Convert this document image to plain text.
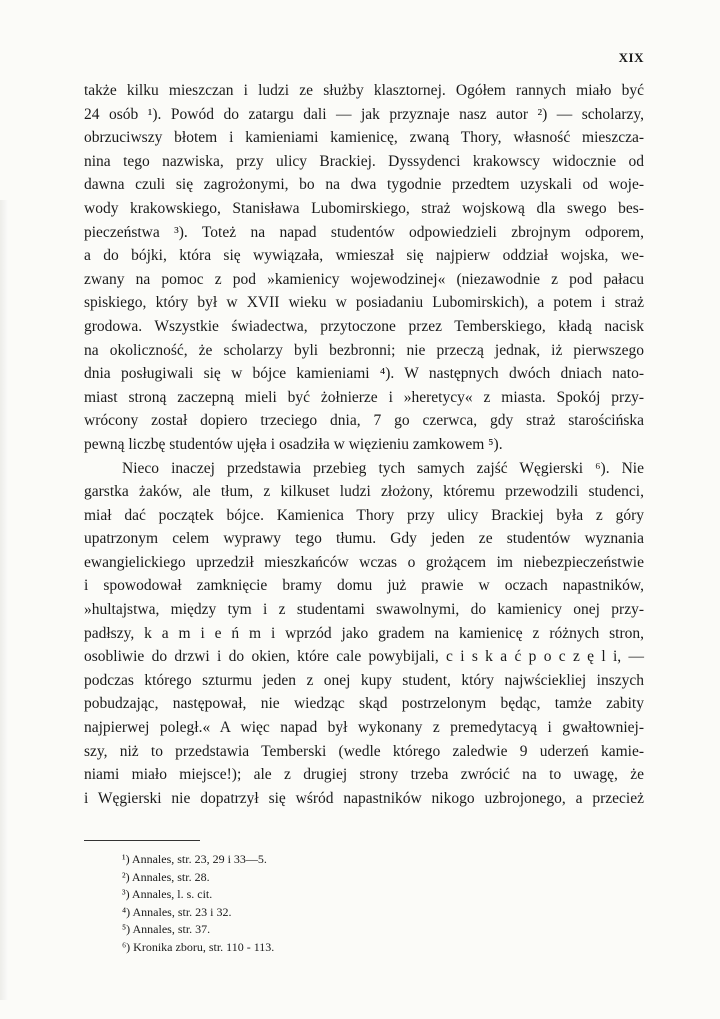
XIX
także kilku mieszczan i ludzi ze służby klasztornej. Ogółem rannych miało być
24 osób ¹). Powód do zatargu dali — jak przyznaje nasz autor ²) — scholarzy,
obrzuciwszy błotem i kamieniami kamienicę, zwaną Thory, własność mieszcza-
nina tego nazwiska, przy ulicy Brackiej. Dyssydenci krakowscy widocznie od
dawna czuli się zagrożonymi, bo na dwa tygodnie przedtem uzyskali od woje-
wody krakowskiego, Stanisława Lubomirskiego, straż wojskową dla swego bes-
pieczeństwa ³). Toteż na napad studentów odpowiedzieli zbrojnym odporem,
a do bójki, która się wywiązała, wmieszał się najpierw oddział wojska, we-
zwany na pomoc z pod »kamienicy wojewodzinej« (niezawodnie z pod pałacu
spiskiego, który był w XVII wieku w posiadaniu Lubomirskich), a potem i straż
grodowa. Wszystkie świadectwa, przytoczone przez Temberskiego, kładą nacisk
na okoliczność, że scholarzy byli bezbronni; nie przeczą jednak, iż pierwszego
dnia posługiwali się w bójce kamieniami ⁴). W następnych dwóch dniach nato-
miast stroną zaczepną mieli być żołnierze i »heretycy« z miasta. Spokój przy-
wrócony został dopiero trzeciego dnia, 7 go czerwca, gdy straż starościńska
pewną liczbę studentów ujęła i osadziła w więzieniu zamkowem ⁵).
Nieco inaczej przedstawia przebieg tych samych zajść Węgierski ⁶). Nie
garstka żaków, ale tłum, z kilkuset ludzi złożony, któremu przewodzili studenci,
miał dać początek bójce. Kamienica Thory przy ulicy Brackiej była z góry
upatrzonym celem wyprawy tego tłumu. Gdy jeden ze studentów wyznania
ewangielickiego uprzedził mieszkańców wczas o grożącem im niebezpieczeństwie
i spowodował zamknięcie bramy domu już prawie w oczach napastników,
»hultajstwa, między tym i z studentami swawolnymi, do kamienicy onej przy-
padłszy, k a m i e ń m i wprzód jako gradem na kamienicę z różnych stron,
osobliwie do drzwi i do okien, które cale powybijali, c i s k a ć p o c z ę l i, —
podczas którego szturmu jeden z onej kupy student, który najwściekliej inszych
pobudzając, następował, nie wiedząc skąd postrzelonym będąc, tamże zabity
najpierwej poległ.« A więc napad był wykonany z premedytacyą i gwałtowniej-
szy, niż to przedstawia Temberski (wedle którego zaledwie 9 uderzeń kamie-
niami miało miejsce!); ale z drugiej strony trzeba zwrócić na to uwagę, że
i Węgierski nie dopatrzył się wśród napastników nikogo uzbrojonego, a przecież
¹) Annales, str. 23, 29 i 33—5.
²) Annales, str. 28.
³) Annales, l. s. cit.
⁴) Annales, str. 23 i 32.
⁵) Annales, str. 37.
⁶) Kronika zboru, str. 110 - 113.
